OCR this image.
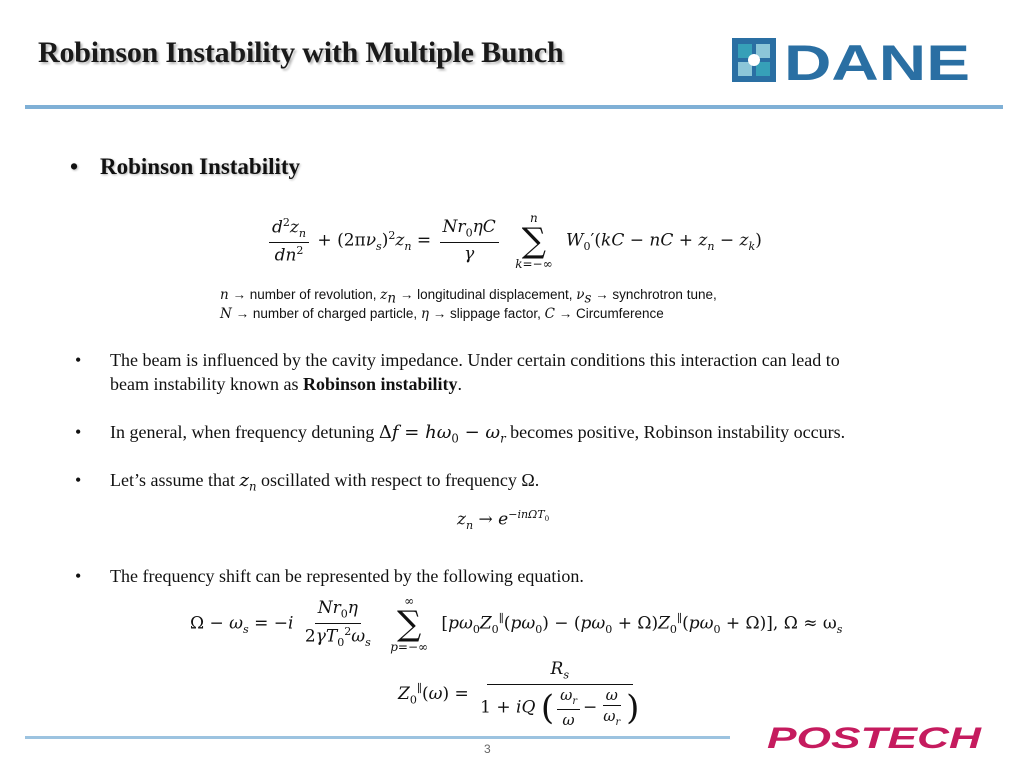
Robinson Instability with Multiple Bunch	DANE
• Robinson Instability
$\frac{d^2z_n}{dn^2} + (2\pi\nu_s)^2z_n = \frac{Nr_0\eta C}{\gamma}$

n
∑
k=−∞
$W_0'(kC$ − nC + $z_n - z_k$)
n → number of revolution, $z_n$ → longitudinal displacement, $\nu_s$ → synchrotron tune,
N → number of charged particle, η → slippage factor, C → Circumference
• The beam is influenced by the cavity impedance. Under certain conditions this interaction can lead to
beam instability known as Robinson instability.
• In general, when frequency detuning $\Delta f = h\omega_0 - \omega_r$ becomes positive, Robinson instability occurs.
• Let’s assume that $z_n$ oscillated with respect to frequency Ω.
$z_n \to e^{-in\Omega T_0}$
• The frequency shift can be represented by the following equation.
$\Omega - \omega_s = -i \frac{Nr_0\eta}{2\gamma T_0^2\omega_s}$
	∞
∑
p=−∞
$[p\omega_0Z_0^\parallel(p\omega_0) - (p\omega_0 + \Omega)Z_0^\parallel(p\omega_0 + \Omega)]$, $\Omega \approx \omega_s$
$Z_0^\parallel(\omega) = \frac{R_s}{1 + iQ ( \frac{\omega_r}{\omega} - \frac{\omega}{\omega_r} )}$
3	POSTECH
